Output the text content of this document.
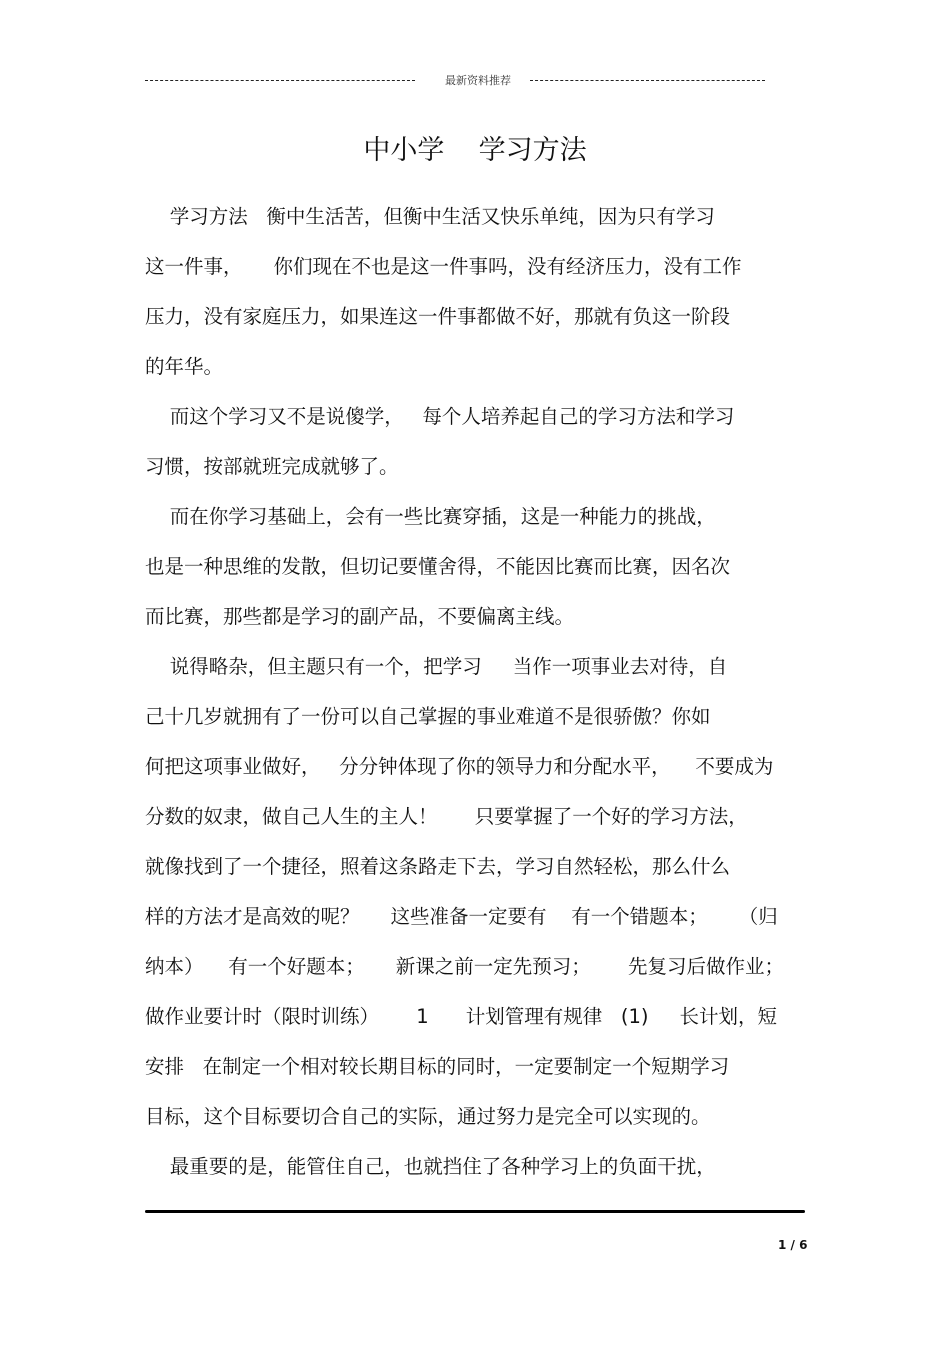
最新资料推荐
中小学    学习方法
学习方法   衡中生活苦，但衡中生活又快乐单纯，因为只有学习
这一件事，     你们现在不也是这一件事吗，没有经济压力，没有工作
压力，没有家庭压力，如果连这一件事都做不好，那就有负这一阶段
的年华。
而这个学习又不是说傻学，   每个人培养起自己的学习方法和学习
习惯，按部就班完成就够了。
而在你学习基础上，会有一些比赛穿插，这是一种能力的挑战，
也是一种思维的发散，但切记要懂舍得，不能因比赛而比赛，因名次
而比赛，那些都是学习的副产品，不要偏离主线。
说得略杂，但主题只有一个，把学习     当作一项事业去对待，自
己十几岁就拥有了一份可以自己掌握的事业难道不是很骄傲？你如
何把这项事业做好，   分分钟体现了你的领导力和分配水平，    不要成为
分数的奴隶，做自己人生的主人！      只要掌握了一个好的学习方法，
就像找到了一个捷径，照着这条路走下去，学习自然轻松，那么什么
样的方法才是高效的呢？     这些准备一定要有    有一个错题本；     （归
纳本）    有一个好题本；     新课之前一定先预习；      先复习后做作业；
做作业要计时（限时训练）      1      计划管理有规律   (1)     长计划，短
安排   在制定一个相对较长期目标的同时，一定要制定一个短期学习
目标，这个目标要切合自己的实际，通过努力是完全可以实现的。
最重要的是，能管住自己，也就挡住了各种学习上的负面干扰，
1 / 6
